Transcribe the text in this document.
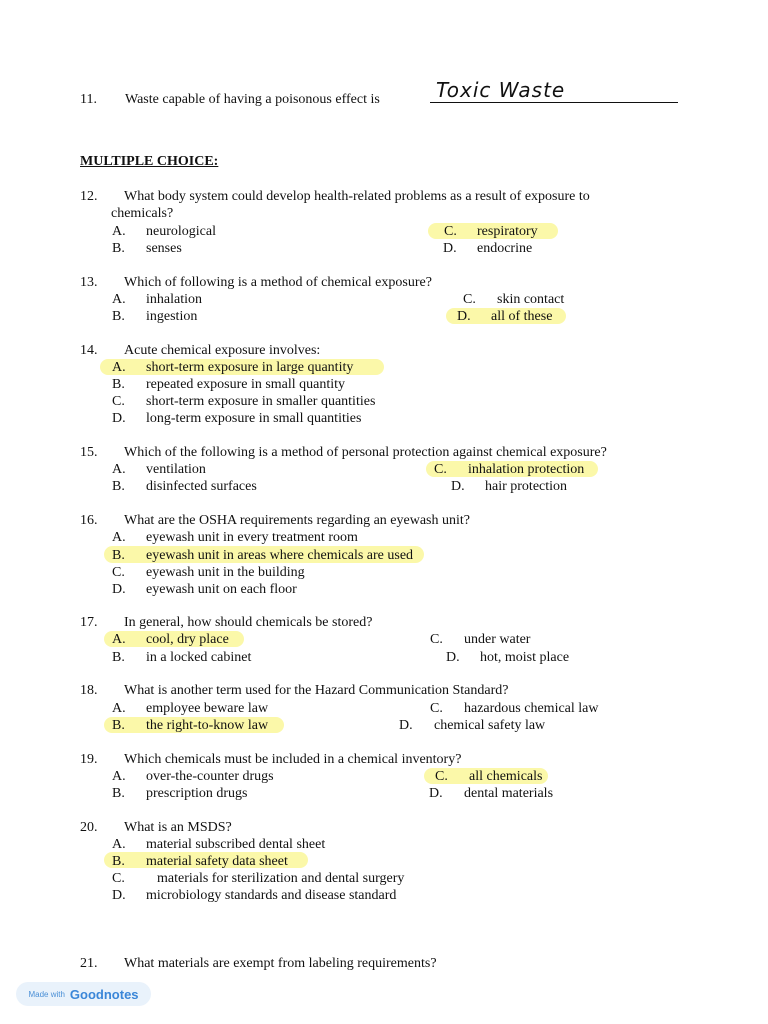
11. Waste capable of having a poisonous effect is	Toxic Waste
MULTIPLE CHOICE:
12. What body system could develop health-related problems as a result of exposure to
chemicals?
A. neurological
B. senses
C. respiratory
D. endocrine
13. Which of following is a method of chemical exposure?
A. inhalation
B. ingestion
C. skin contact
D. all of these
14. Acute chemical exposure involves:
A. short-term exposure in large quantity
B. repeated exposure in small quantity
C. short-term exposure in smaller quantities
D. long-term exposure in small quantities
15. Which of the following is a method of personal protection against chemical exposure?
A. ventilation
B. disinfected surfaces
C. inhalation protection
D. hair protection
16. What are the OSHA requirements regarding an eyewash unit?
A. eyewash unit in every treatment room
B. eyewash unit in areas where chemicals are used
C. eyewash unit in the building
D. eyewash unit on each floor
17. In general, how should chemicals be stored?
A. cool, dry place
B. in a locked cabinet
C. under water
D. hot, moist place
18. What is another term used for the Hazard Communication Standard?
A. employee beware law
B. the right-to-know law
C. hazardous chemical law
D. chemical safety law
19. Which chemicals must be included in a chemical inventory?
A. over-the-counter drugs
B. prescription drugs
C. all chemicals
D. dental materials
20. What is an MSDS?
A. material subscribed dental sheet
B. material safety data sheet
C. materials for sterilization and dental surgery
D. microbiology standards and disease standard
21. What materials are exempt from labeling requirements?
Made with Goodnotes
